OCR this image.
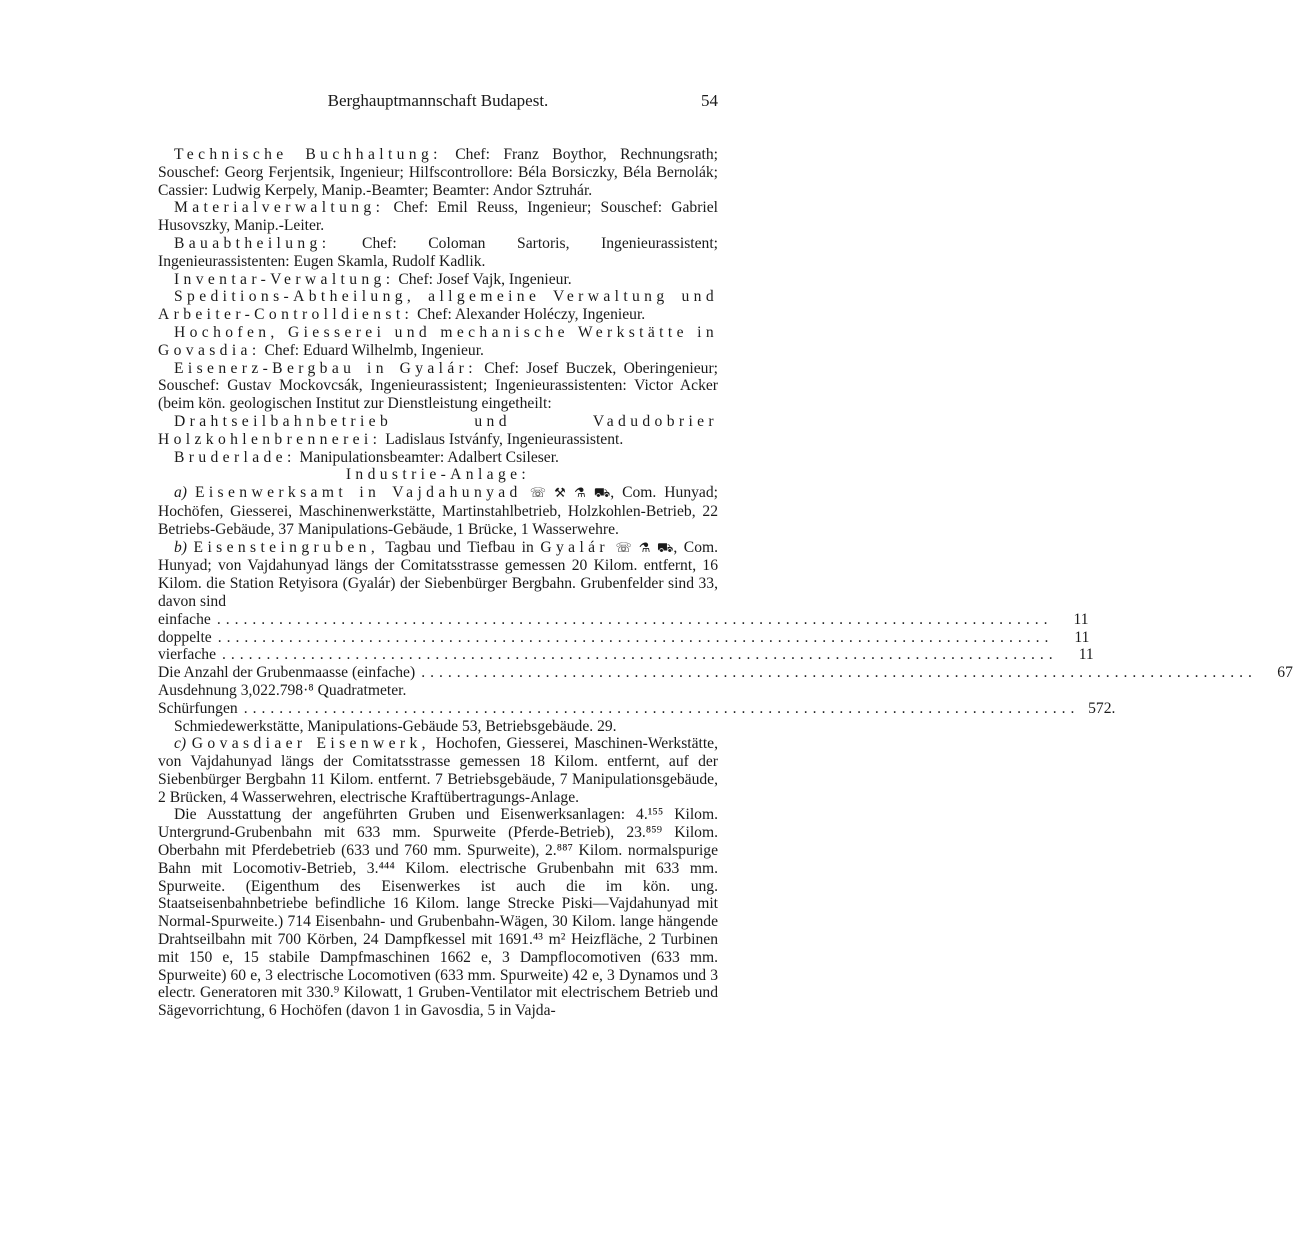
Berghauptmannschaft Budapest.	54

Technische Buchhaltung: Chef: Franz Boythor, Rechnungsrath; Souschef: Georg Ferjentsik, Ingenieur; Hilfscontrollore: Béla Borsiczky, Béla Bernolák; Cassier: Ludwig Kerpely, Manip.-Beamter; Beamter: Andor Sztruhár.

Materialverwaltung: Chef: Emil Reuss, Ingenieur; Souschef: Gabriel Husovszky, Manip.-Leiter.

Bauabtheilung: Chef: Coloman Sartoris, Ingenieurassistent; Ingenieurassistenten: Eugen Skamla, Rudolf Kadlik.

Inventar-Verwaltung: Chef: Josef Vajk, Ingenieur.

Speditions-Abtheilung, allgemeine Verwaltung und Arbeiter-Controlldienst: Chef: Alexander Holéczy, Ingenieur.

Hochofen, Giesserei und mechanische Werkstätte in Govasdia: Chef: Eduard Wilhelmb, Ingenieur.

Eisenerz-Bergbau in Gyalár: Chef: Josef Buczek, Oberingenieur; Souschef: Gustav Mockovcsák, Ingenieurassistent; Ingenieurassistenten: Victor Acker (beim kön. geologischen Institut zur Dienstleistung eingetheilt:

Drahtseilbahnbetrieb und Vadudobrier Holzkohlenbrennerei: Ladislaus Istvánfy, Ingenieurassistent.

Bruderlade: Manipulationsbeamter: Adalbert Csileser.

Industrie-Anlage:

a) Eisenwerksamt in Vajdahunyad ☏ ⚒ ⚗ ⛟, Com. Hunyad; Hochöfen, Giesserei, Maschinenwerkstätte, Martinstahlbetrieb, Holzkohlen-Betrieb, 22 Betriebs-Gebäude, 37 Manipulations-Gebäude, 1 Brücke, 1 Wasserwehre.

b) Eisensteingruben, Tagbau und Tiefbau in Gyalár ☏ ⚗ ⛟, Com. Hunyad; von Vajdahunyad längs der Comitatsstrasse gemessen 20 Kilom. entfernt, 16 Kilom. die Station Retyisora (Gyalár) der Siebenbürger Bergbahn. Grubenfelder sind 33, davon sind

einfache ..............................................................................................	11
doppelte ..............................................................................................	11
vierfache ..............................................................................................	11
Die Anzahl der Grubenmaasse (einfache) ..............................................................................................	67

Ausdehnung 3,022.798·⁸ Quadratmeter.

Schürfungen .............................................................................................. 572.

Schmiedewerkstätte, Manipulations-Gebäude 53, Betriebsgebäude. 29.

c) Govasdiaer Eisenwerk, Hochofen, Giesserei, Maschinen-Werkstätte, von Vajdahunyad längs der Comitatsstrasse gemessen 18 Kilom. entfernt, auf der Siebenbürger Bergbahn 11 Kilom. entfernt. 7 Betriebsgebäude, 7 Manipulationsgebäude, 2 Brücken, 4 Wasserwehren, electrische Kraftübertragungs-Anlage.

Die Ausstattung der angeführten Gruben und Eisenwerksanlagen: 4.¹⁵⁵ Kilom. Untergrund-Grubenbahn mit 633 mm. Spurweite (Pferde-Betrieb), 23.⁸⁵⁹ Kilom. Oberbahn mit Pferdebetrieb (633 und 760 mm. Spurweite), 2.⁸⁸⁷ Kilom. normalspurige Bahn mit Locomotiv-Betrieb, 3.⁴⁴⁴ Kilom. electrische Grubenbahn mit 633 mm. Spurweite. (Eigenthum des Eisenwerkes ist auch die im kön. ung. Staatseisenbahnbetriebe befindliche 16 Kilom. lange Strecke Piski—Vajdahunyad mit Normal-Spurweite.) 714 Eisenbahn- und Grubenbahn-Wägen, 30 Kilom. lange hängende Drahtseilbahn mit 700 Körben, 24 Dampfkessel mit 1691.⁴³ m² Heizfläche, 2 Turbinen mit 150 e, 15 stabile Dampfmaschinen 1662 e, 3 Dampflocomotiven (633 mm. Spurweite) 60 e, 3 electrische Locomotiven (633 mm. Spurweite) 42 e, 3 Dynamos und 3 electr. Generatoren mit 330.⁹ Kilowatt, 1 Gruben-Ventilator mit electrischem Betrieb und Sägevorrichtung, 6 Hochöfen (davon 1 in Gavosdia, 5 in Vajda-
